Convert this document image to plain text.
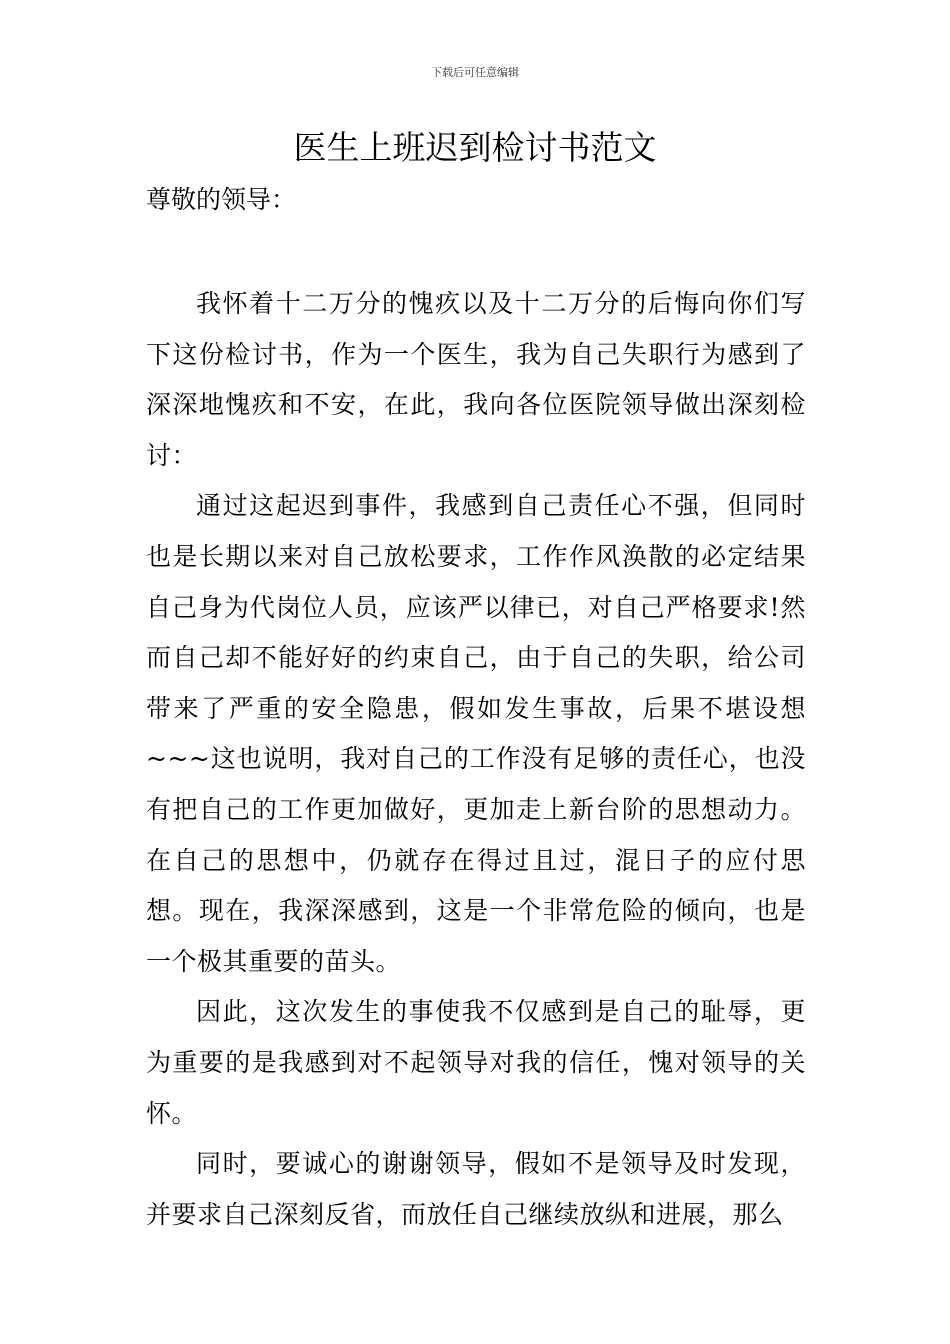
下载后可任意编辑
医生上班迟到检讨书范文

尊敬的领导：

我怀着十二万分的愧疚以及十二万分的后悔向你们写下这份检讨书，作为一个医生，我为自己失职行为感到了深深地愧疚和不安，在此，我向各位医院领导做出深刻检讨：

通过这起迟到事件，我感到自己责任心不强，但同时也是长期以来对自己放松要求，工作作风涣散的必定结果自己身为代岗位人员，应该严以律已，对自己严格要求!然而自己却不能好好的约束自己，由于自己的失职，给公司带来了严重的安全隐患，假如发生事故，后果不堪设想~~~这也说明，我对自己的工作没有足够的责任心，也没有把自己的工作更加做好，更加走上新台阶的思想动力。在自己的思想中，仍就存在得过且过，混日子的应付思想。现在，我深深感到，这是一个非常危险的倾向，也是一个极其重要的苗头。

因此，这次发生的事使我不仅感到是自己的耻辱，更为重要的是我感到对不起领导对我的信任，愧对领导的关怀。

同时，要诚心的谢谢领导，假如不是领导及时发现，并要求自己深刻反省，而放任自己继续放纵和进展，那么
